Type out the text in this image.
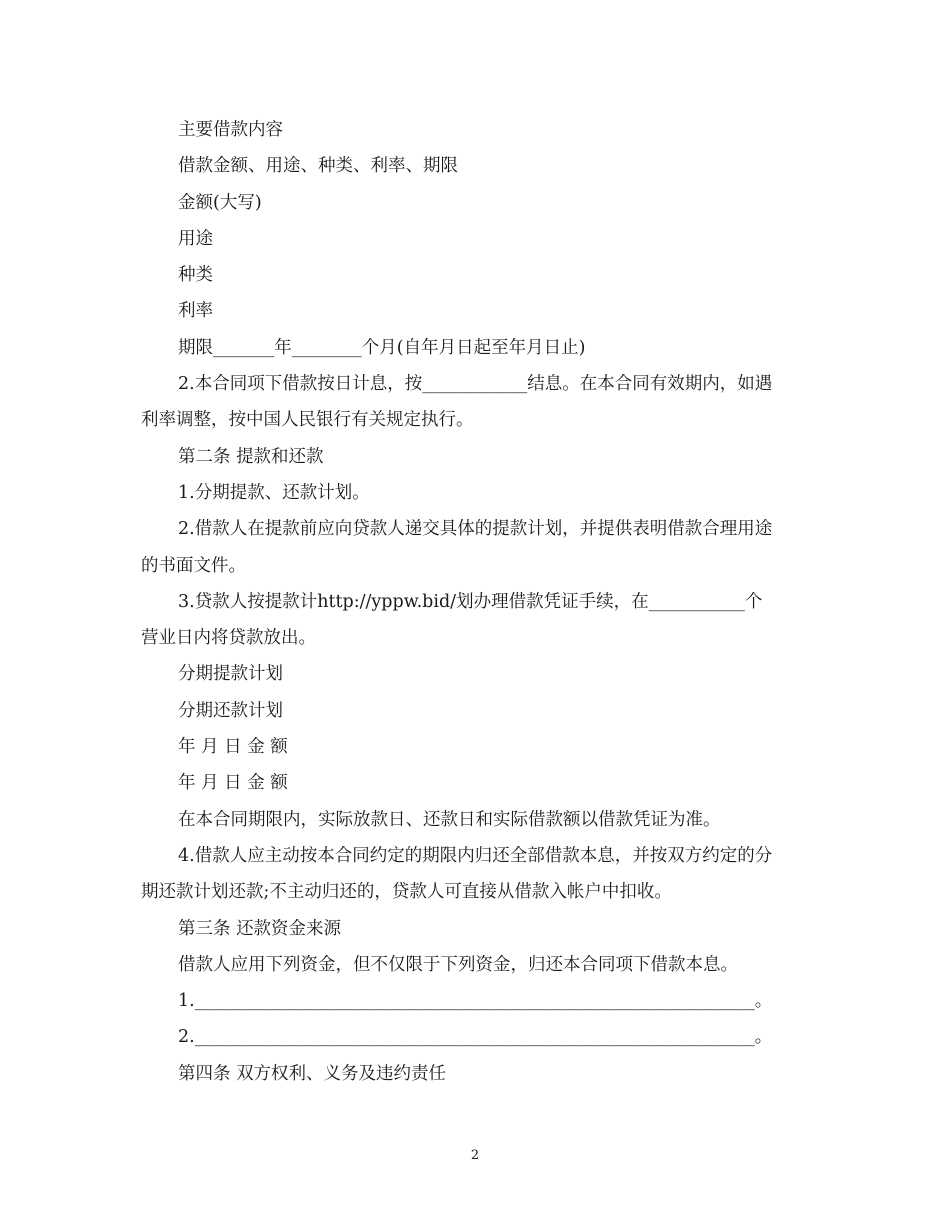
主要借款内容

借款金额、用途、种类、利率、期限

金额(大写)

用途

种类

利率

期限_______年________个月(自年月日起至年月日止)

2.本合同项下借款按日计息，按____________结息。在本合同有效期内，如遇

利率调整，按中国人民银行有关规定执行。

第二条 提款和还款

1.分期提款、还款计划。

2.借款人在提款前应向贷款人递交具体的提款计划，并提供表明借款合理用途

的书面文件。

3.贷款人按提款计http://yppw.bid/划办理借款凭证手续，在___________个

营业日内将贷款放出。

分期提款计划

分期还款计划

年 月 日 金 额

年 月 日 金 额

在本合同期限内，实际放款日、还款日和实际借款额以借款凭证为准。

4.借款人应主动按本合同约定的期限内归还全部借款本息，并按双方约定的分

期还款计划还款;不主动归还的，贷款人可直接从借款入帐户中扣收。

第三条 还款资金来源

借款人应用下列资金，但不仅限于下列资金，归还本合同项下借款本息。

1.________________________________________________________________。

2.________________________________________________________________。

第四条 双方权利、义务及违约责任

2
